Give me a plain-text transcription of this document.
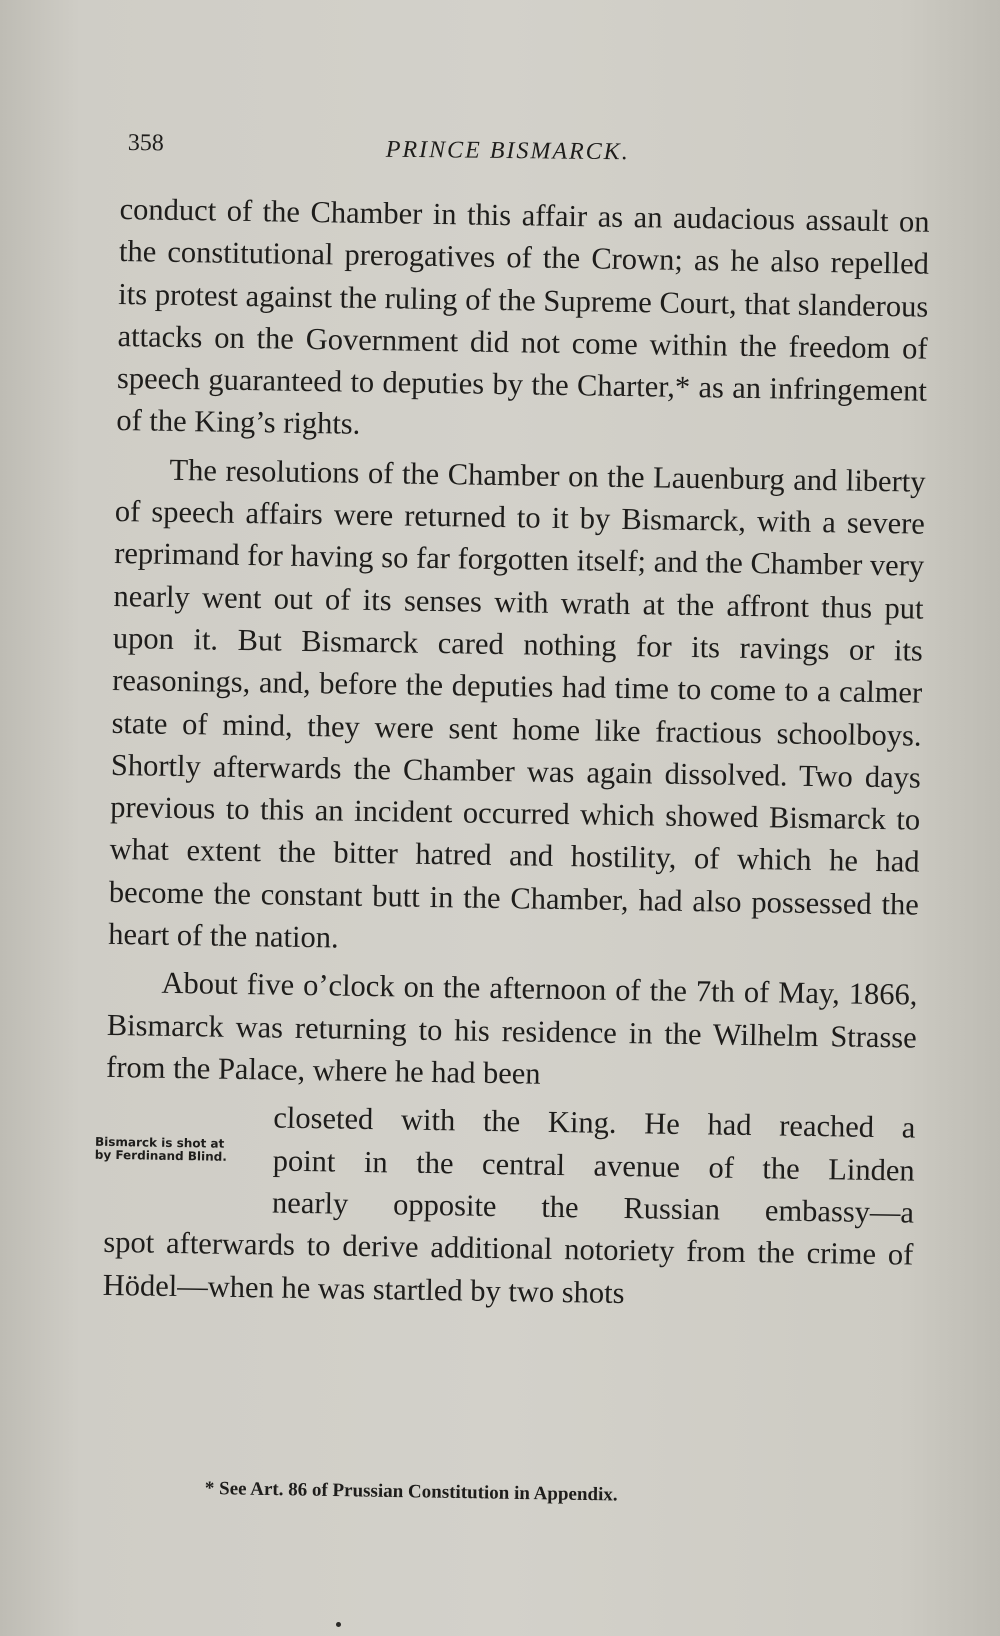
358	PRINCE BISMARCK.

conduct of the Chamber in this affair as an audacious assault on the constitutional prerogatives of the Crown; as he also repelled its protest against the ruling of the Supreme Court, that slanderous attacks on the Government did not come within the freedom of speech guaranteed to deputies by the Charter,* as an infringement of the King’s rights.

The resolutions of the Chamber on the Lauenburg and liberty of speech affairs were returned to it by Bismarck, with a severe reprimand for having so far forgotten itself; and the Chamber very nearly went out of its senses with wrath at the affront thus put upon it. But Bismarck cared nothing for its ravings or its reasonings, and, before the deputies had time to come to a calmer state of mind, they were sent home like fractious schoolboys. Shortly afterwards the Chamber was again dissolved. Two days previous to this an incident occurred which showed Bismarck to what extent the bitter hatred and hostility, of which he had become the constant butt in the Chamber, had also possessed the heart of the nation.

About five o’clock on the afternoon of the 7th of May, 1866, Bismarck was returning to his residence in the Wilhelm Strasse from the Palace, where he had been

Bismarck is shot at by Ferdinand Blind.
closeted with the King. He had reached a
point in the central avenue of the Linden
nearly opposite the Russian embassy—a

spot afterwards to derive additional notoriety from the crime of Hödel—when he was startled by two shots

* See Art. 86 of Prussian Constitution in Appendix.
